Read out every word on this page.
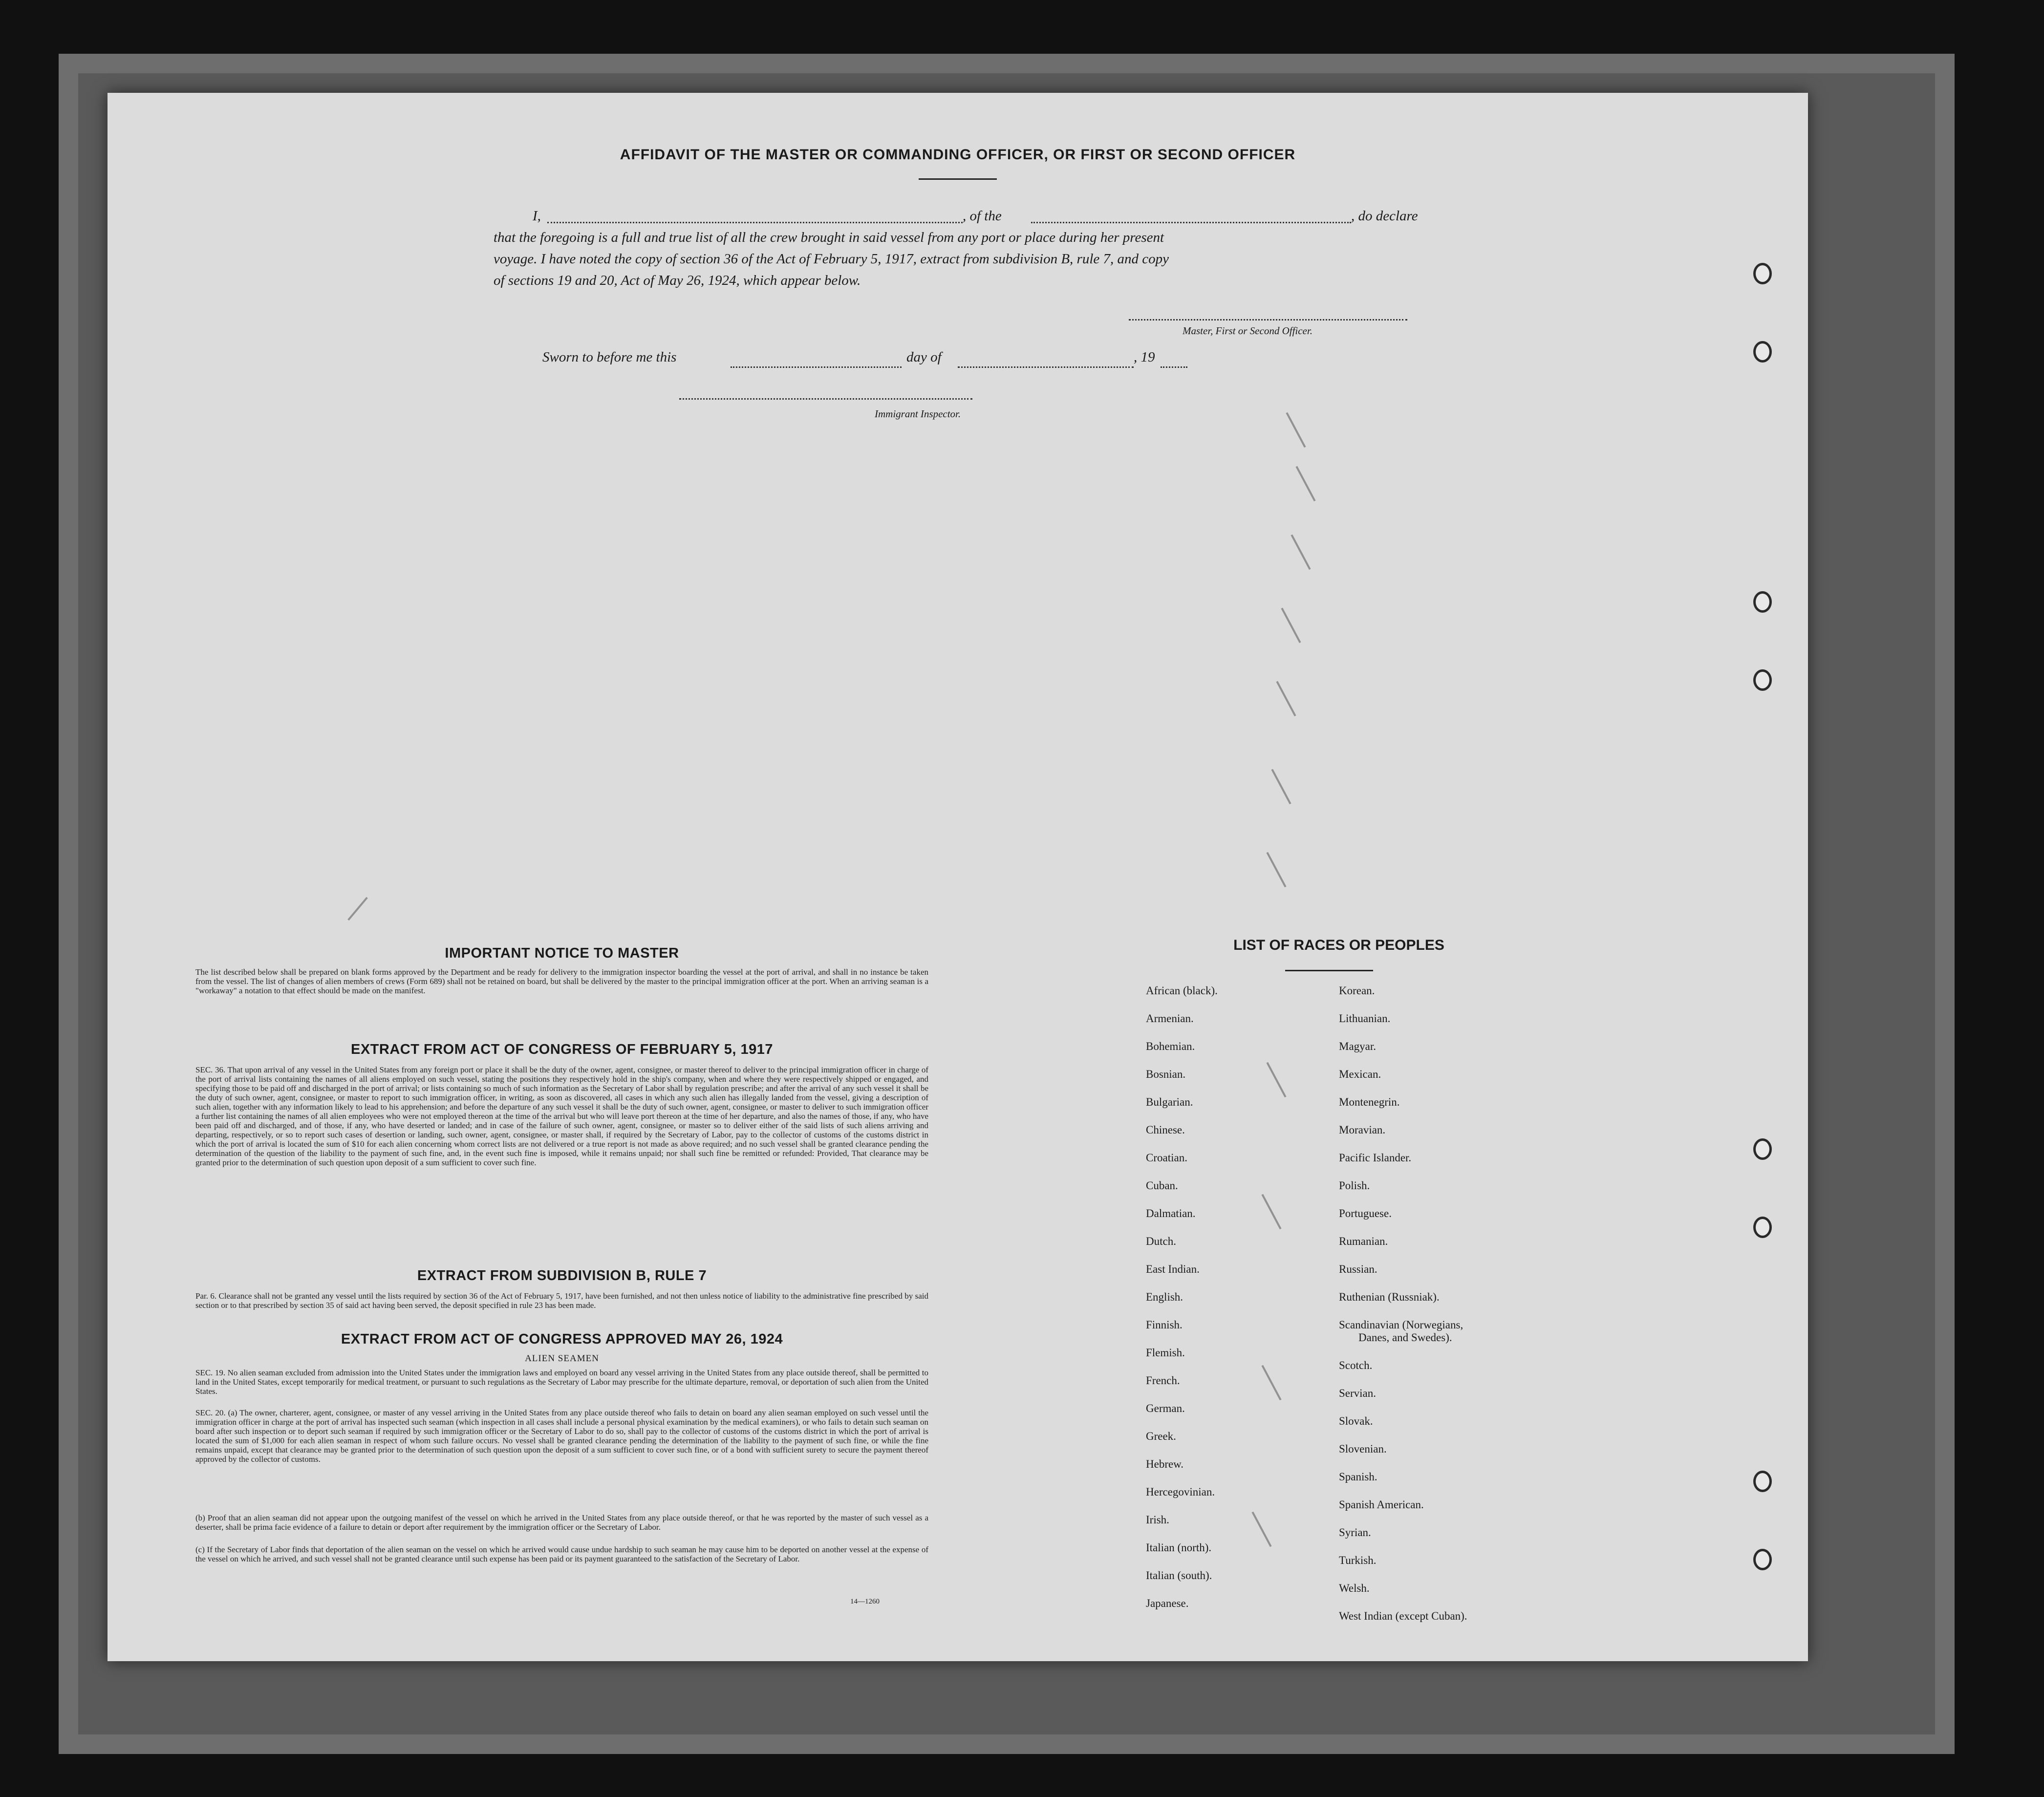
AFFIDAVIT OF THE MASTER OR COMMANDING OFFICER, OR FIRST OR SECOND OFFICER
I,	, of the	, do declare
that the foregoing is a full and true list of all the crew brought in said vessel from any port or place during her present
voyage. I have noted the copy of section 36 of the Act of February 5, 1917, extract from subdivision B, rule 7, and copy
of sections 19 and 20, Act of May 26, 1924, which appear below.
Master, First or Second Officer.
Sworn to before me this	day of	, 19
Immigrant Inspector.
IMPORTANT NOTICE TO MASTER
The list described below shall be prepared on blank forms approved by the Department and be ready for delivery to the immigration inspector boarding the vessel at the port of arrival, and shall in no instance be taken from the vessel. The list of changes of alien members of crews (Form 689) shall not be retained on board, but shall be delivered by the master to the principal immigration officer at the port. When an arriving seaman is a "workaway" a notation to that effect should be made on the manifest.
EXTRACT FROM ACT OF CONGRESS OF FEBRUARY 5, 1917
SEC. 36. That upon arrival of any vessel in the United States from any foreign port or place it shall be the duty of the owner, agent, consignee, or master thereof to deliver to the principal immigration officer in charge of the port of arrival lists containing the names of all aliens employed on such vessel, stating the positions they respectively hold in the ship's company, when and where they were respectively shipped or engaged, and specifying those to be paid off and discharged in the port of arrival; or lists containing so much of such information as the Secretary of Labor shall by regulation prescribe; and after the arrival of any such vessel it shall be the duty of such owner, agent, consignee, or master to report to such immigration officer, in writing, as soon as discovered, all cases in which any such alien has illegally landed from the vessel, giving a description of such alien, together with any information likely to lead to his apprehension; and before the departure of any such vessel it shall be the duty of such owner, agent, consignee, or master to deliver to such immigration officer a further list containing the names of all alien employees who were not employed thereon at the time of the arrival but who will leave port thereon at the time of her departure, and also the names of those, if any, who have been paid off and discharged, and of those, if any, who have deserted or landed; and in case of the failure of such owner, agent, consignee, or master so to deliver either of the said lists of such aliens arriving and departing, respectively, or so to report such cases of desertion or landing, such owner, agent, consignee, or master shall, if required by the Secretary of Labor, pay to the collector of customs of the customs district in which the port of arrival is located the sum of $10 for each alien concerning whom correct lists are not delivered or a true report is not made as above required; and no such vessel shall be granted clearance pending the determination of the question of the liability to the payment of such fine, and, in the event such fine is imposed, while it remains unpaid; nor shall such fine be remitted or refunded: Provided, That clearance may be granted prior to the determination of such question upon deposit of a sum sufficient to cover such fine.
EXTRACT FROM SUBDIVISION B, RULE 7
Par. 6. Clearance shall not be granted any vessel until the lists required by section 36 of the Act of February 5, 1917, have been furnished, and not then unless notice of liability to the administrative fine prescribed by said section or to that prescribed by section 35 of said act having been served, the deposit specified in rule 23 has been made.
EXTRACT FROM ACT OF CONGRESS APPROVED MAY 26, 1924
ALIEN SEAMEN
SEC. 19. No alien seaman excluded from admission into the United States under the immigration laws and employed on board any vessel arriving in the United States from any place outside thereof, shall be permitted to land in the United States, except temporarily for medical treatment, or pursuant to such regulations as the Secretary of Labor may prescribe for the ultimate departure, removal, or deportation of such alien from the United States.
SEC. 20. (a) The owner, charterer, agent, consignee, or master of any vessel arriving in the United States from any place outside thereof who fails to detain on board any alien seaman employed on such vessel until the immigration officer in charge at the port of arrival has inspected such seaman (which inspection in all cases shall include a personal physical examination by the medical examiners), or who fails to detain such seaman on board after such inspection or to deport such seaman if required by such immigration officer or the Secretary of Labor to do so, shall pay to the collector of customs of the customs district in which the port of arrival is located the sum of $1,000 for each alien seaman in respect of whom such failure occurs. No vessel shall be granted clearance pending the determination of the liability to the payment of such fine, or while the fine remains unpaid, except that clearance may be granted prior to the determination of such question upon the deposit of a sum sufficient to cover such fine, or of a bond with sufficient surety to secure the payment thereof approved by the collector of customs.
(b) Proof that an alien seaman did not appear upon the outgoing manifest of the vessel on which he arrived in the United States from any place outside thereof, or that he was reported by the master of such vessel as a deserter, shall be prima facie evidence of a failure to detain or deport after requirement by the immigration officer or the Secretary of Labor.
(c) If the Secretary of Labor finds that deportation of the alien seaman on the vessel on which he arrived would cause undue hardship to such seaman he may cause him to be deported on another vessel at the expense of the vessel on which he arrived, and such vessel shall not be granted clearance until such expense has been paid or its payment guaranteed to the satisfaction of the Secretary of Labor.
14—1260
LIST OF RACES OR PEOPLES
African (black).
Armenian.
Bohemian.
Bosnian.
Bulgarian.
Chinese.
Croatian.
Cuban.
Dalmatian.
Dutch.
East Indian.
English.
Finnish.
Flemish.
French.
German.
Greek.
Hebrew.
Hercegovinian.
Irish.
Italian (north).
Italian (south).
Japanese.
Korean.
Lithuanian.
Magyar.
Mexican.
Montenegrin.
Moravian.
Pacific Islander.
Polish.
Portuguese.
Rumanian.
Russian.
Ruthenian (Russniak).
Scandinavian (Norwegians,
Danes, and Swedes).
Scotch.
Servian.
Slovak.
Slovenian.
Spanish.
Spanish American.
Syrian.
Turkish.
Welsh.
West Indian (except Cuban).
